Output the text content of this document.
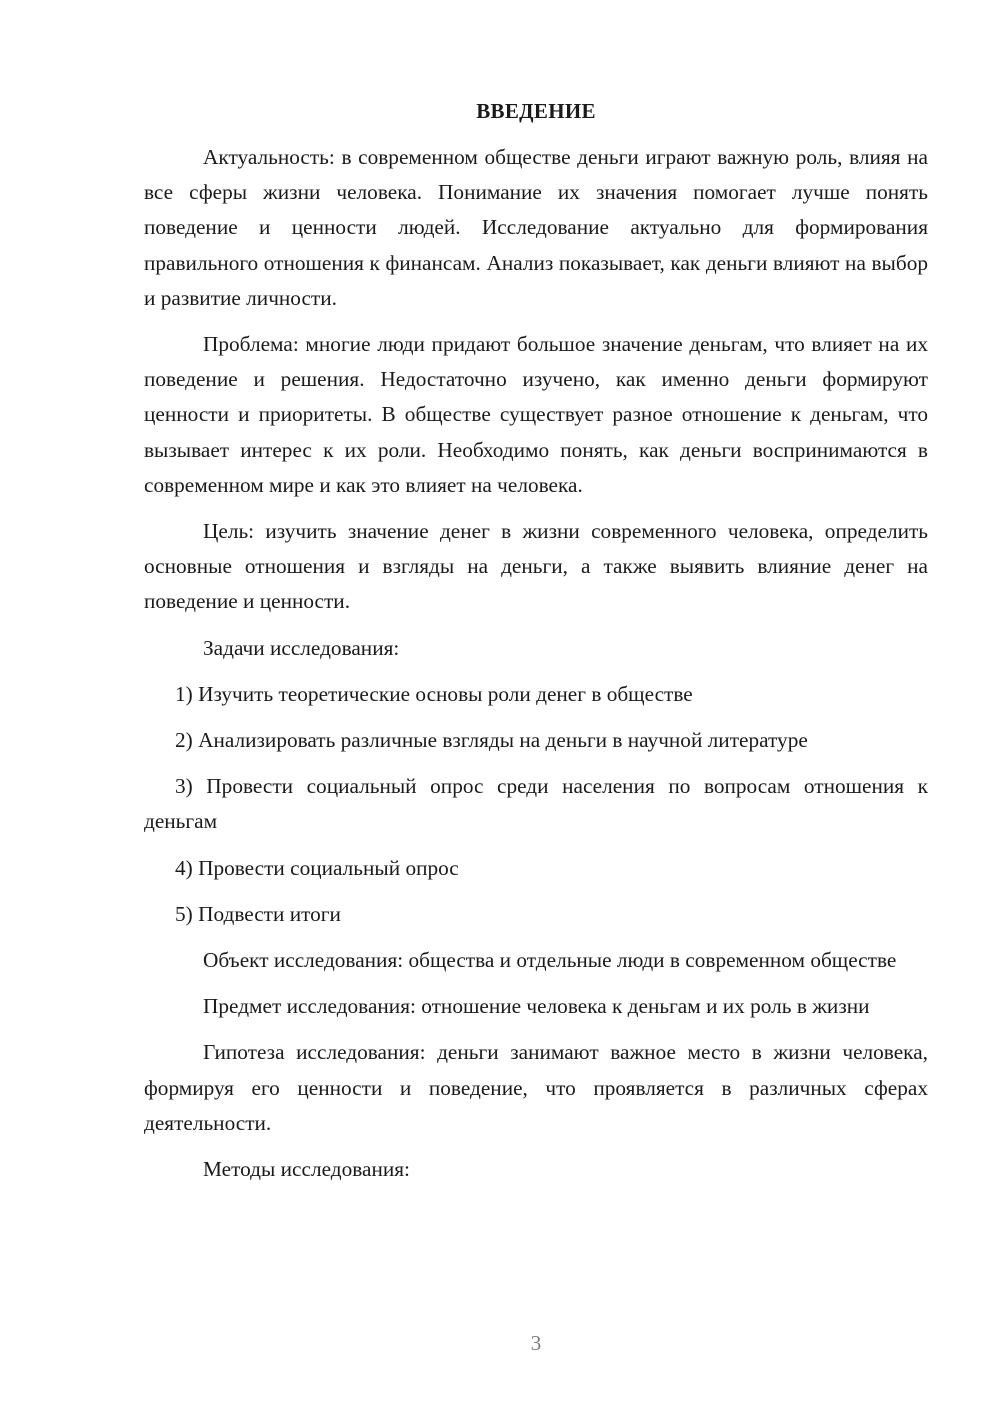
ВВЕДЕНИЕ

Актуальность: в современном обществе деньги играют важную роль, влияя на все сферы жизни человека. Понимание их значения помогает лучше понять поведение и ценности людей. Исследование актуально для формирования правильного отношения к финансам. Анализ показывает, как деньги влияют на выбор и развитие личности.

Проблема: многие люди придают большое значение деньгам, что влияет на их поведение и решения. Недостаточно изучено, как именно деньги формируют ценности и приоритеты. В обществе существует разное отношение к деньгам, что вызывает интерес к их роли. Необходимо понять, как деньги воспринимаются в современном мире и как это влияет на человека.

Цель: изучить значение денег в жизни современного человека, определить основные отношения и взгляды на деньги, а также выявить влияние денег на поведение и ценности.

Задачи исследования:

1) Изучить теоретические основы роли денег в обществе

2) Анализировать различные взгляды на деньги в научной литературе

3) Провести социальный опрос среди населения по вопросам отношения к деньгам

4) Провести социальный опрос

5) Подвести итоги

Объект исследования: общества и отдельные люди в современном обществе

Предмет исследования: отношение человека к деньгам и их роль в жизни

Гипотеза исследования: деньги занимают важное место в жизни человека, формируя его ценности и поведение, что проявляется в различных сферах деятельности.

Методы исследования:

3
